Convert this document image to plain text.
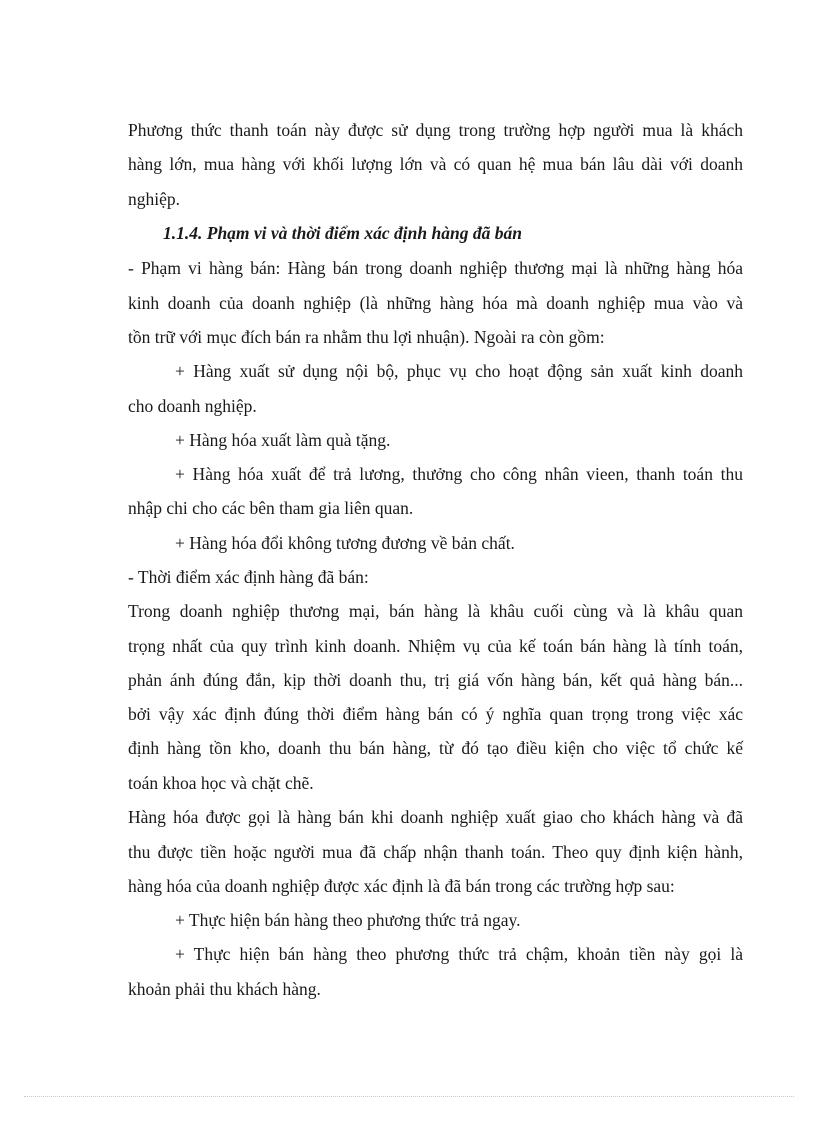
Phương thức thanh toán này được sử dụng trong trường hợp người mua là khách

hàng lớn, mua hàng với khối lượng lớn và có quan hệ mua bán lâu dài với doanh

nghiệp.

1.1.4. Phạm vi và thời điểm xác định hàng đã bán

- Phạm vi hàng bán: Hàng bán trong doanh nghiệp thương mại là những hàng hóa

kinh doanh của doanh nghiệp (là những hàng hóa mà doanh nghiệp mua vào và

tồn trữ với mục đích bán ra nhằm thu lợi nhuận). Ngoài ra còn gồm:

+ Hàng xuất sử dụng nội bộ, phục vụ cho hoạt động sản xuất kinh doanh

cho doanh nghiệp.

+ Hàng hóa xuất làm quà tặng.

+ Hàng hóa xuất để trả lương, thưởng cho công nhân vieen, thanh toán thu

nhập chi cho các bên tham gia liên quan.

+ Hàng hóa đổi không tương đương về bản chất.

- Thời điểm xác định hàng đã bán:

Trong doanh nghiệp thương mại, bán hàng là khâu cuối cùng và là khâu quan

trọng nhất của quy trình kinh doanh. Nhiệm vụ của kế toán bán hàng là tính toán,

phản ánh đúng đắn, kịp thời doanh thu, trị giá vốn hàng bán, kết quả hàng bán...

bởi vậy xác định đúng thời điểm hàng bán có ý nghĩa quan trọng trong việc xác

định hàng tồn kho, doanh thu bán hàng, từ đó tạo điều kiện cho việc tổ chức kế

toán khoa học và chặt chẽ.

Hàng hóa được gọi là hàng bán khi doanh nghiệp xuất giao cho khách hàng và đã

thu được tiền hoặc người mua đã chấp nhận thanh toán. Theo quy định kiện hành,

hàng hóa của doanh nghiệp được xác định là đã bán trong các trường hợp sau:

+ Thực hiện bán hàng theo phương thức trả ngay.

+ Thực hiện bán hàng theo phương thức trả chậm, khoản tiền này gọi là

khoản phải thu khách hàng.
